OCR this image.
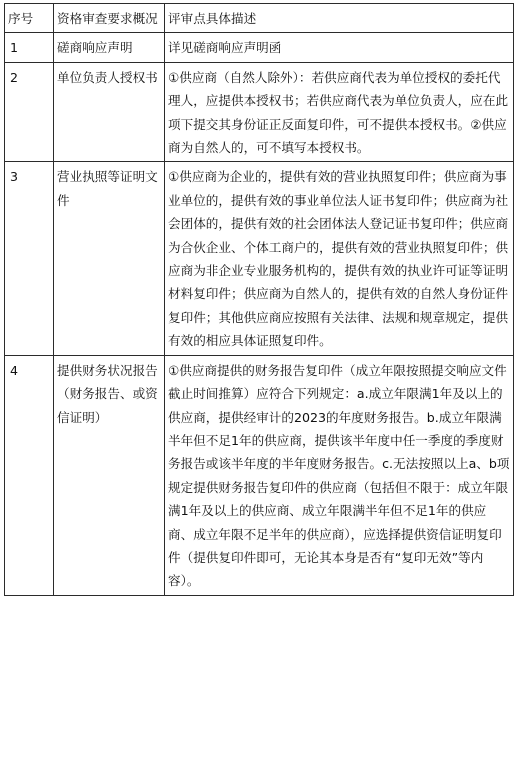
序号	资格审查要求概况	评审点具体描述
1	磋商响应声明	详见磋商响应声明函
2	单位负责人授权书	①供应商（自然人除外）：若供应商代表为单位授权的委托代理人，应提供本授权书；若供应商代表为单位负责人，应在此项下提交其身份证正反面复印件，可不提供本授权书。②供应商为自然人的，可不填写本授权书。
3	营业执照等证明文件	①供应商为企业的，提供有效的营业执照复印件；供应商为事业单位的，提供有效的事业单位法人证书复印件；供应商为社会团体的，提供有效的社会团体法人登记证书复印件；供应商为合伙企业、个体工商户的，提供有效的营业执照复印件；供应商为非企业专业服务机构的，提供有效的执业许可证等证明材料复印件；供应商为自然人的，提供有效的自然人身份证件复印件；其他供应商应按照有关法律、法规和规章规定，提供有效的相应具体证照复印件。
4	提供财务状况报告（财务报告、或资信证明）	①供应商提供的财务报告复印件（成立年限按照提交响应文件截止时间推算）应符合下列规定：a.成立年限满1年及以上的供应商，提供经审计的2023的年度财务报告。b.成立年限满半年但不足1年的供应商，提供该半年度中任一季度的季度财务报告或该半年度的半年度财务报告。c.无法按照以上a、b项规定提供财务报告复印件的供应商（包括但不限于：成立年限满1年及以上的供应商、成立年限满半年但不足1年的供应商、成立年限不足半年的供应商），应选择提供资信证明复印件（提供复印件即可，无论其本身是否有“复印无效”等内容）。
